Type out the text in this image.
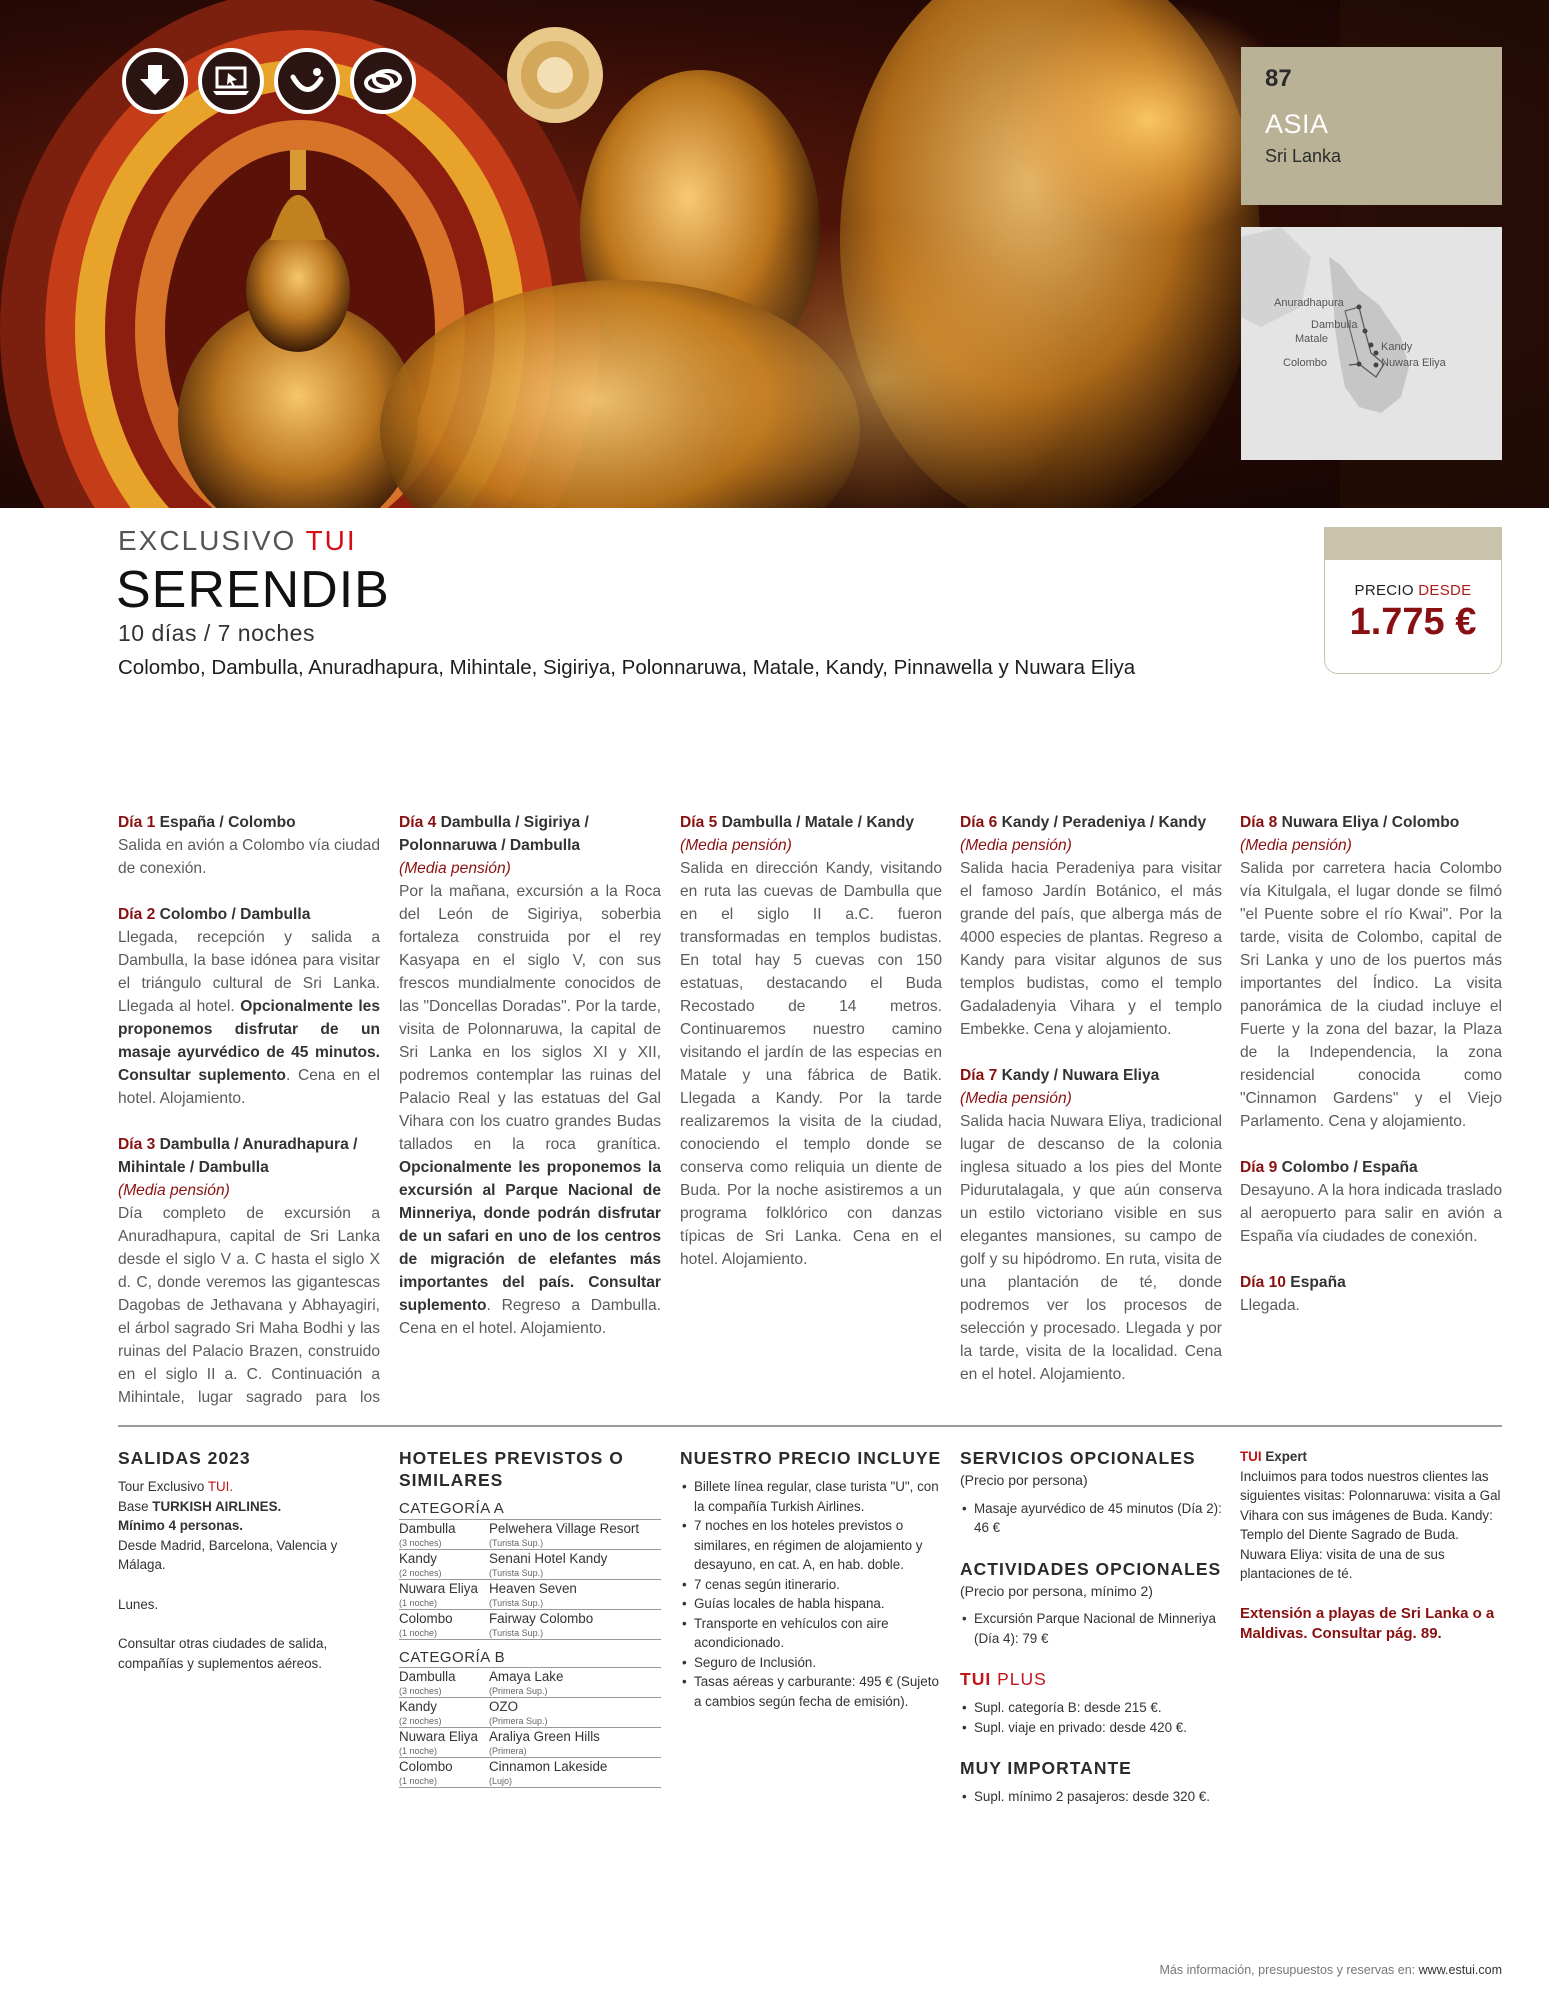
87
ASIA
Sri Lanka
Anuradhapura
Dambulla
Matale
Kandy
Colombo	Nuwara Eliya
EXCLUSIVO TUI
SERENDIB
10 días / 7 noches
Colombo, Dambulla, Anuradhapura, Mihintale, Sigiriya, Polonnaruwa, Matale, Kandy, Pinnawella y Nuwara Eliya
PRECIO DESDE
1.775 €
Día 1 España / Colombo
Salida en avión a Colombo vía ciudad de conexión.
Día 2 Colombo / Dambulla
Llegada, recepción y salida a Dambulla, la base idónea para visitar el triángulo cultural de Sri Lanka. Llegada al hotel. Opcionalmente les proponemos disfrutar de un masaje ayurvédico de 45 minutos. Consultar suplemento. Cena en el hotel. Alojamiento.
Día 3 Dambulla / Anuradhapura / Mihintale / Dambulla
(Media pensión)
Día completo de excursión a Anuradhapura, capital de Sri Lanka desde el siglo V a. C hasta el siglo X d. C, donde veremos las gigantescas Dagobas de Jethavana y Abhayagiri, el árbol sagrado Sri Maha Bodhi y las ruinas del Palacio Brazen, construido en el siglo II a. C. Continuación a Mihintale, lugar sagrado para los
Día 4 Dambulla / Sigiriya / Polonnaruwa / Dambulla
(Media pensión)
Por la mañana, excursión a la Roca del León de Sigiriya, soberbia fortaleza construida por el rey Kasyapa en el siglo V, con sus frescos mundialmente conocidos de las "Doncellas Doradas". Por la tarde, visita de Polonnaruwa, la capital de Sri Lanka en los siglos XI y XII, podremos contemplar las ruinas del Palacio Real y las estatuas del Gal Vihara con los cuatro grandes Budas tallados en la roca granítica. Opcionalmente les proponemos la excursión al Parque Nacional de Minneriya, donde podrán disfrutar de un safari en uno de los centros de migración de elefantes más importantes del país. Consultar suplemento. Regreso a Dambulla. Cena en el hotel. Alojamiento.
Día 5 Dambulla / Matale / Kandy
(Media pensión)
Salida en dirección Kandy, visitando en ruta las cuevas de Dambulla que en el siglo II a.C. fueron transformadas en templos budistas. En total hay 5 cuevas con 150 estatuas, destacando el Buda Recostado de 14 metros. Continuaremos nuestro camino visitando el jardín de las especias en Matale y una fábrica de Batik. Llegada a Kandy. Por la tarde realizaremos la visita de la ciudad, conociendo el templo donde se conserva como reliquia un diente de Buda. Por la noche asistiremos a un programa folklórico con danzas típicas de Sri Lanka. Cena en el hotel. Alojamiento.
Día 6 Kandy / Peradeniya / Kandy
(Media pensión)
Salida hacia Peradeniya para visitar el famoso Jardín Botánico, el más grande del país, que alberga más de 4000 especies de plantas. Regreso a Kandy para visitar algunos de sus templos budistas, como el templo Gadaladenyia Vihara y el templo Embekke. Cena y alojamiento.
Día 7 Kandy / Nuwara Eliya
(Media pensión)
Salida hacia Nuwara Eliya, tradicional lugar de descanso de la colonia inglesa situado a los pies del Monte Pidurutalagala, y que aún conserva un estilo victoriano visible en sus elegantes mansiones, su campo de golf y su hipódromo. En ruta, visita de una plantación de té, donde podremos ver los procesos de selección y procesado. Llegada y por la tarde, visita de la localidad. Cena en el hotel. Alojamiento.
Día 8 Nuwara Eliya / Colombo
(Media pensión)
Salida por carretera hacia Colombo vía Kitulgala, el lugar donde se filmó "el Puente sobre el río Kwai". Por la tarde, visita de Colombo, capital de Sri Lanka y uno de los puertos más importantes del Índico. La visita panorámica de la ciudad incluye el Fuerte y la zona del bazar, la Plaza de la Independencia, la zona residencial conocida como "Cinnamon Gardens" y el Viejo Parlamento. Cena y alojamiento.
Día 9 Colombo / España
Desayuno. A la hora indicada traslado al aeropuerto para salir en avión a España vía ciudades de conexión.
Día 10 España
Llegada.
SALIDAS 2023
Tour Exclusivo TUI.
Base TURKISH AIRLINES.
Mínimo 4 personas.
Desde Madrid, Barcelona, Valencia y Málaga.
Lunes.
Consultar otras ciudades de salida, compañías y suplementos aéreos.
HOTELES PREVISTOS O SIMILARES
CATEGORÍA A
Dambulla
(3 noches)
Pelwehera Village Resort
(Turista Sup.)
Kandy
(2 noches)
Senani Hotel Kandy
(Turista Sup.)
Nuwara Eliya
(1 noche)
Heaven Seven
(Turista Sup.)
Colombo
(1 noche)
Fairway Colombo
(Turista Sup.)
CATEGORÍA B
Dambulla
(3 noches)
Amaya Lake
(Primera Sup.)
Kandy
(2 noches)
OZO
(Primera Sup.)
Nuwara Eliya
(1 noche)
Araliya Green Hills
(Primera)
Colombo
(1 noche)
Cinnamon Lakeside
(Lujo)
NUESTRO PRECIO INCLUYE
• Billete línea regular, clase turista "U", con la compañía Turkish Airlines.
• 7 noches en los hoteles previstos o similares, en régimen de alojamiento y desayuno, en cat. A, en hab. doble.
• 7 cenas según itinerario.
• Guías locales de habla hispana.
• Transporte en vehículos con aire acondicionado.
• Seguro de Inclusión.
• Tasas aéreas y carburante: 495 € (Sujeto a cambios según fecha de emisión).
SERVICIOS OPCIONALES
(Precio por persona)
• Masaje ayurvédico de 45 minutos (Día 2): 46 €
ACTIVIDADES OPCIONALES
(Precio por persona, mínimo 2)
• Excursión Parque Nacional de Minneriya (Día 4): 79 €
TUI PLUS
• Supl. categoría B: desde 215 €.
• Supl. viaje en privado: desde 420 €.
MUY IMPORTANTE
• Supl. mínimo 2 pasajeros: desde 320 €.
TUI Expert
Incluimos para todos nuestros clientes las siguientes visitas: Polonnaruwa: visita a Gal Vihara con sus imágenes de Buda. Kandy: Templo del Diente Sagrado de Buda. Nuwara Eliya: visita de una de sus plantaciones de té.
Extensión a playas de Sri Lanka o a Maldivas. Consultar pág. 89.
Más información, presupuestos y reservas en: www.estui.com
